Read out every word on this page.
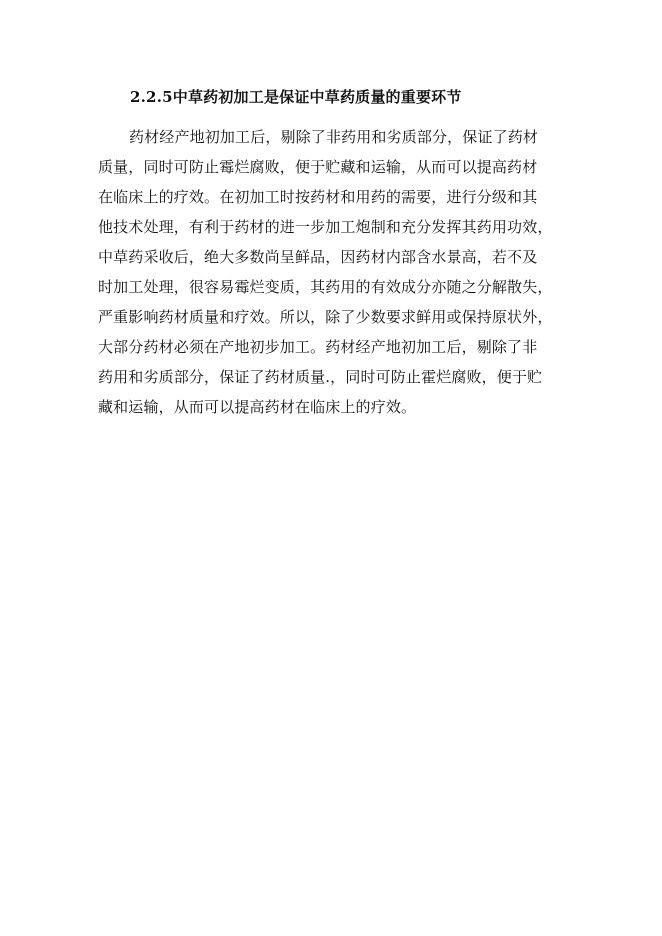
2.2.5中草药初加工是保证中草药质量的重要环节
药材经产地初加工后，剔除了非药用和劣质部分，保证了药材
质量，同时可防止霉烂腐败，便于贮藏和运输，从而可以提高药材
在临床上的疗效。在初加工时按药材和用药的需要，进行分级和其
他技术处理，有利于药材的进一步加工炮制和充分发挥其药用功效，
中草药采收后，绝大多数尚呈鲜品，因药材内部含水景高，若不及
时加工处理，很容易霉烂变质，其药用的有效成分亦随之分解散失，
严重影响药材质量和疗效。所以，除了少数要求鲜用或保持原状外，
大部分药材必须在产地初步加工。药材经产地初加工后，剔除了非
药用和劣质部分，保证了药材质量.，同时可防止霍烂腐败，便于贮
藏和运输，从而可以提高药材在临床上的疗效。
